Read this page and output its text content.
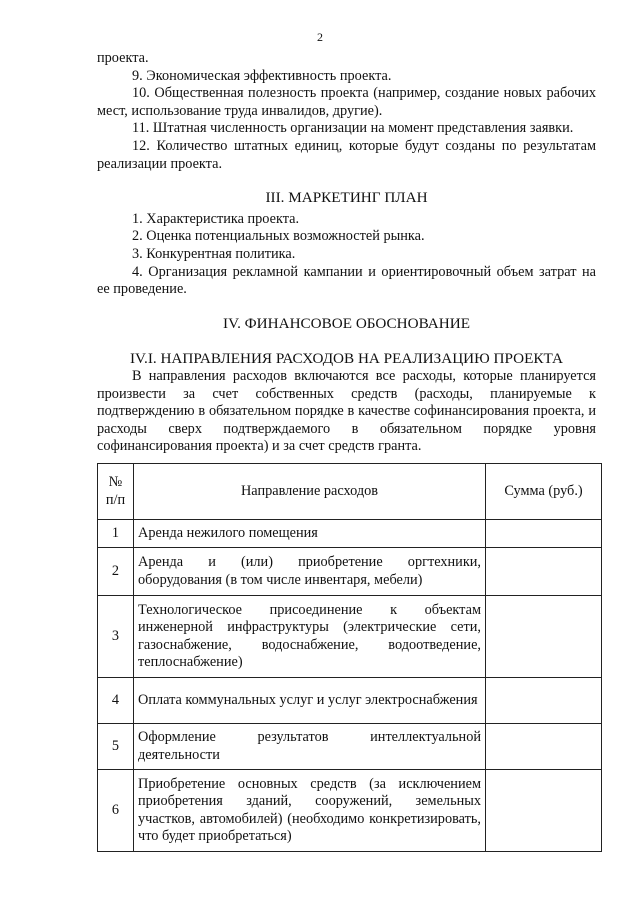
2

проекта.

9. Экономическая эффективность проекта.

10. Общественная полезность проекта (например, создание новых рабочих мест, использование труда инвалидов, другие).

11. Штатная численность организации на момент представления заявки.

12. Количество штатных единиц, которые будут созданы по результатам реализации проекта.

III. МАРКЕТИНГ ПЛАН

1. Характеристика проекта.

2. Оценка потенциальных возможностей рынка.

3. Конкурентная политика.

4. Организация рекламной кампании и ориентировочный объем затрат на ее проведение.

IV. ФИНАНСОВОЕ ОБОСНОВАНИЕ

IV.I. НАПРАВЛЕНИЯ РАСХОДОВ НА РЕАЛИЗАЦИЮ ПРОЕКТА

В направления расходов включаются все расходы, которые планируется произвести за счет собственных средств (расходы, планируемые к подтверждению в обязательном порядке в качестве софинансирования проекта, и расходы сверх подтверждаемого в обязательном порядке уровня софинансирования проекта) и за счет средств гранта.

№ п/п	Направление расходов	Сумма (руб.)
1	Аренда нежилого помещения	
2	Аренда и (или) приобретение оргтехники, оборудования (в том числе инвентаря, мебели)	
3	Технологическое присоединение к объектам инженерной инфраструктуры (электрические сети, газоснабжение, водоснабжение, водоотведение, теплоснабжение)	
4	Оплата коммунальных услуг и услуг электроснабжения	
5	Оформление результатов интеллектуальной деятельности	
6	Приобретение основных средств (за исключением приобретения зданий, сооружений, земельных участков, автомобилей) (необходимо конкретизировать, что будет приобретаться)	
